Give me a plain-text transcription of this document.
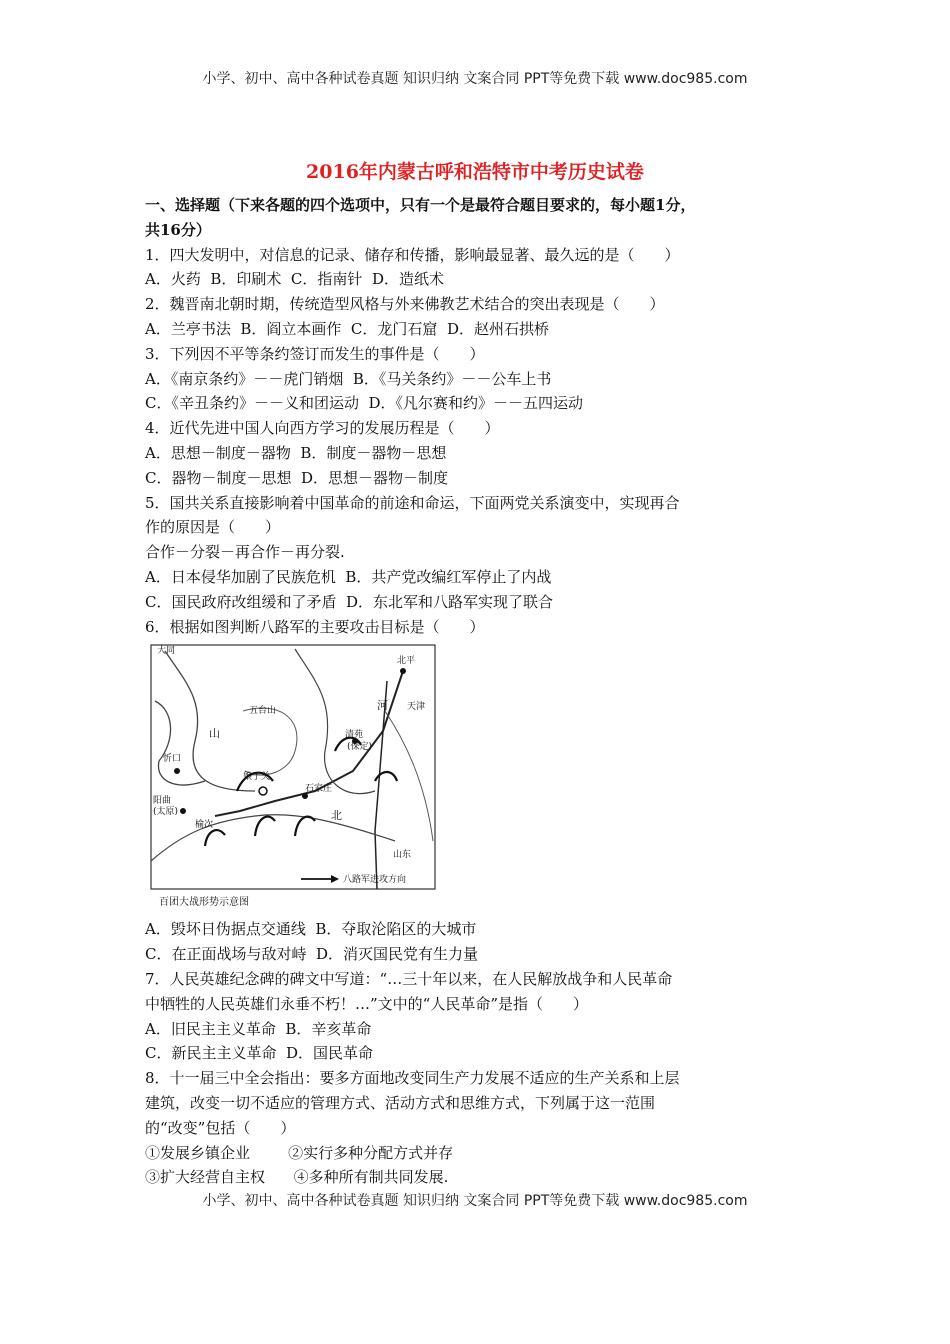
小学、初中、高中各种试卷真题 知识归纳 文案合同 PPT等免费下载 www.doc985.com
2016年内蒙古呼和浩特市中考历史试卷
一、选择题（下来各题的四个选项中，只有一个是最符合题目要求的，每小题1分，
共16分）
1．四大发明中，对信息的记录、储存和传播，影响最显著、最久远的是（　　）
A．火药  B．印刷术  C．指南针  D．造纸术
2．魏晋南北朝时期，传统造型风格与外来佛教艺术结合的突出表现是（　　）
A．兰亭书法  B．阎立本画作  C．龙门石窟  D．赵州石拱桥
3．下列因不平等条约签订而发生的事件是（　　）
A．《南京条约》－－虎门销烟  B．《马关条约》－－公车上书
C．《辛丑条约》－－义和团运动  D．《凡尔赛和约》－－五四运动
4．近代先进中国人向西方学习的发展历程是（　　）
A．思想－制度－器物  B．制度－器物－思想
C．器物－制度－思想  D．思想－器物－制度
5．国共关系直接影响着中国革命的前途和命运，下面两党关系演变中，实现再合
作的原因是（　　）
合作－分裂－再合作－再分裂.
A．日本侵华加剧了民族危机  B．共产党改编红军停止了内战
C．国民政府改组缓和了矛盾  D．东北军和八路军实现了联合
6．根据如图判断八路军的主要攻击目标是（　　）
大同
北平
天津
五台山
清苑
(保定)
忻口
阳曲
(太原)
娘子关
石家庄
榆次
山
河
北
山东
八路军进攻方向
百团大战形势示意图
A．毁坏日伪据点交通线  B．夺取沦陷区的大城市
C．在正面战场与敌对峙  D．消灭国民党有生力量
7．人民英雄纪念碑的碑文中写道：“…三十年以来，在人民解放战争和人民革命
中牺牲的人民英雄们永垂不朽！…”文中的“人民革命”是指（　　）
A．旧民主主义革命  B．辛亥革命
C．新民主主义革命  D．国民革命
8．十一届三中全会指出：要多方面地改变同生产力发展不适应的生产关系和上层
建筑，改变一切不适应的管理方式、活动方式和思维方式，下列属于这一范围
的“改变”包括（　　）
①发展乡镇企业        ②实行多种分配方式并存
③扩大经营自主权      ④多种所有制共同发展.
小学、初中、高中各种试卷真题 知识归纳 文案合同 PPT等免费下载 www.doc985.com
